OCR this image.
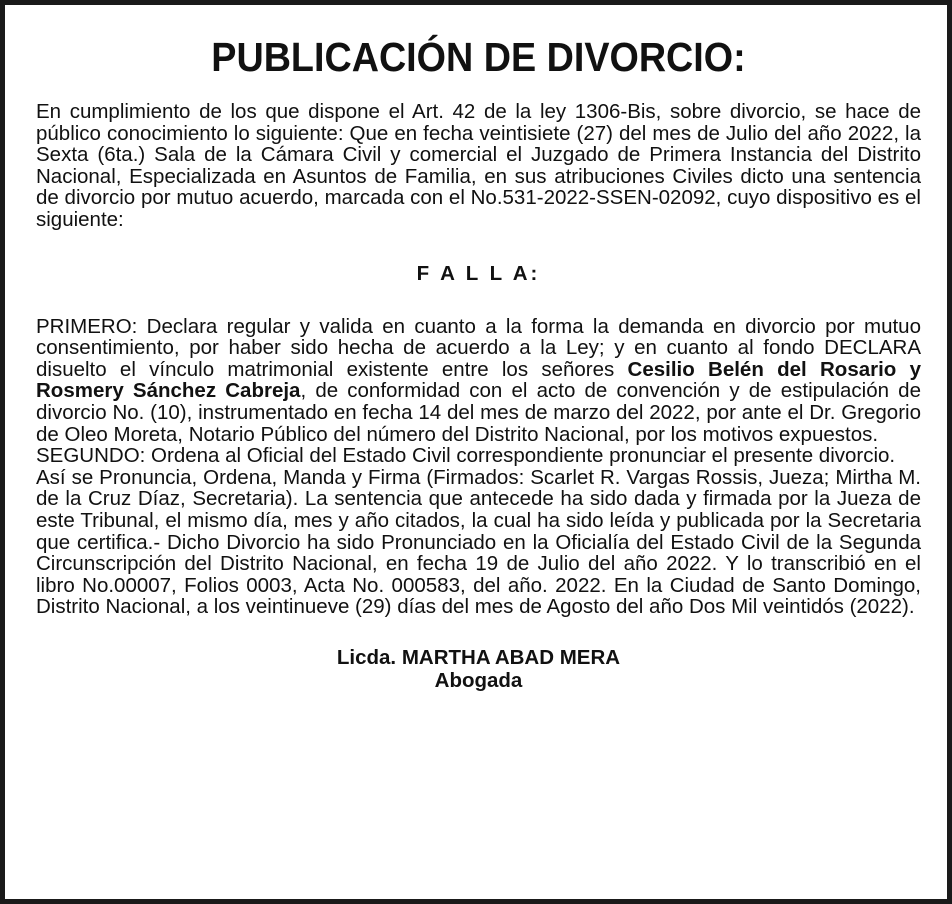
PUBLICACIÓN DE DIVORCIO:

En cumplimiento de los que dispone el Art. 42 de la ley 1306-Bis, sobre divorcio, se hace de público conocimiento lo siguiente: Que en fecha veintisiete (27) del mes de Julio del año 2022, la Sexta (6ta.) Sala de la Cámara Civil y comercial el Juzgado de Primera Instancia del Distrito Nacional, Especializada en Asuntos de Familia, en sus atribuciones Civiles dicto una sentencia de divorcio por mutuo acuerdo, marcada con el No.531-2022-SSEN-02092, cuyo dispositivo es el siguiente:

F A L L A:

PRIMERO: Declara regular y valida en cuanto a la forma la demanda en divorcio por mutuo consentimiento, por haber sido hecha de acuerdo a la Ley; y en cuanto al fondo DECLARA disuelto el vínculo matrimonial existente entre los señores Cesilio Belén del Rosario y Rosmery Sánchez Cabreja, de conformidad con el acto de convención y de estipulación de divorcio No. (10), instrumentado en fecha 14 del mes de marzo del 2022, por ante el Dr. Gregorio de Oleo Moreta, Notario Público del número del Distrito Nacional, por los motivos expuestos.

SEGUNDO: Ordena al Oficial del Estado Civil correspondiente pronunciar el presente divorcio.

Así se Pronuncia, Ordena, Manda y Firma (Firmados: Scarlet R. Vargas Rossis, Jueza; Mirtha M. de la Cruz Díaz, Secretaria). La sentencia que antecede ha sido dada y firmada por la Jueza de este Tribunal, el mismo día, mes y año citados, la cual ha sido leída y publicada por la Secretaria que certifica.- Dicho Divorcio ha sido Pronunciado en la Oficialía del Estado Civil de la Segunda Circunscripción del Distrito Nacional, en fecha 19 de Julio del año 2022. Y lo transcribió en el libro No.00007, Folios 0003, Acta No. 000583, del año. 2022. En la Ciudad de Santo Domingo, Distrito Nacional, a los veintinueve (29) días del mes de Agosto del año Dos Mil veintidós (2022).

Licda. MARTHA ABAD MERA
Abogada
